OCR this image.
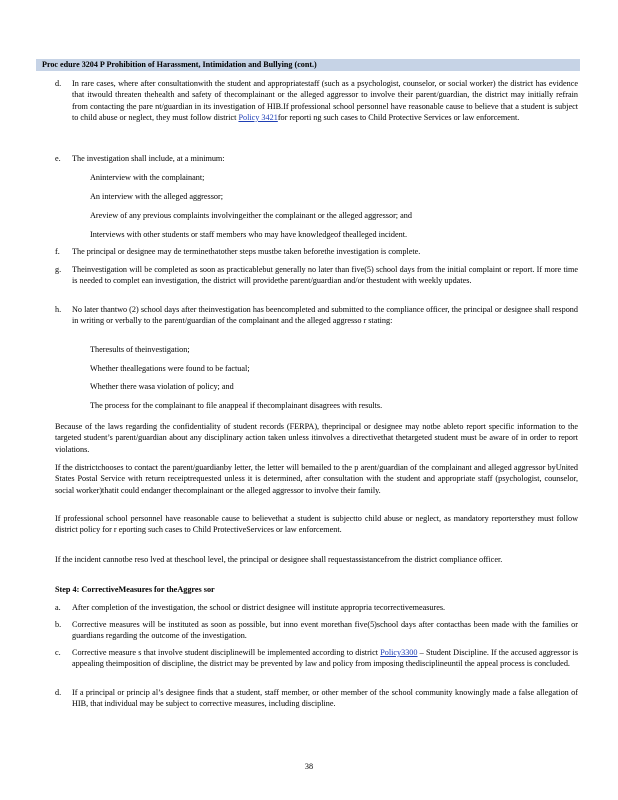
Proc edure 3204 P Prohibition of Harassment, Intimidation and Bullying (cont.)
d. In rare cases, where after consultationwith the student and appropriatestaff (such as a psychologist, counselor, or social worker) the district has evidence that itwould threaten thehealth and safety of thecomplainant or the alleged aggressor to involve their parent/guardian, the district may initially refrain from contacting the pare nt/guardian in its investigation of HIB.If professional school personnel have reasonable cause to believe that a student is subject to child abuse or neglect, they must follow district Policy 3421for reporti ng such cases to Child Protective Services or law enforcement.
e. The investigation shall include, at a minimum:
Aninterview with the complainant;
An interview with the alleged aggressor;
Areview of any previous complaints involvingeither the complainant or the alleged aggressor; and
Interviews with other students or staff members who may have knowledgeof thealleged incident.
f. The principal or designee may de terminethatother steps mustbe taken beforethe investigation is complete.
g. Theinvestigation will be completed as soon as practicablebut generally no later than five(5) school days from the initial complaint or report. If more time is needed to complet ean investigation, the district will providethe parent/guardian and/or thestudent with weekly updates.
h. No later thantwo (2) school days after theinvestigation has beencompleted and submitted to the compliance officer, the principal or designee shall respond in writing or verbally to the parent/guardian of the complainant and the alleged aggresso r stating:
Theresults of theinvestigation;
Whether theallegations were found to be factual;
Whether there wasa violation of policy; and
The process for the complainant to file anappeal if thecomplainant disagrees with results.
Because of the laws regarding the confidentiality of student records (FERPA), theprincipal or designee may notbe ableto report specific information to the targeted student’s parent/guardian about any disciplinary action taken unless itinvolves a directivethat thetargeted student must be aware of in order to report violations.
If the districtchooses to contact the parent/guardianby letter, the letter will bemailed to the p arent/guardian of the complainant and alleged aggressor byUnited States Postal Service with return receiptrequested unless it is determined, after consultation with the student and appropriate staff (psychologist, counselor, social worker)thatit could endanger thecomplainant or the alleged aggressor to involve their family.
If professional school personnel have reasonable cause to believethat a student is subjectto child abuse or neglect, as mandatory reportersthey must follow district policy for r eporting such cases to Child ProtectiveServices or law enforcement.
If the incident cannotbe reso lved at theschool level, the principal or designee shall requestassistancefrom the district compliance officer.
Step 4: CorrectiveMeasures for theAggres sor
a. After completion of the investigation, the school or district designee will institute appropria tecorrectivemeasures.
b. Corrective measures will be instituted as soon as possible, but inno event morethan five(5)school days after contacthas been made with the families or guardians regarding the outcome of the investigation.
c. Corrective measure s that involve student disciplinewill be implemented according to district Policy3300 – Student Discipline. If the accused aggressor is appealing theimposition of discipline, the district may be prevented by law and policy from imposing thedisciplineuntil the appeal process is concluded.
d. If a principal or princip al’s designee finds that a student, staff member, or other member of the school community knowingly made a false allegation of HIB, that individual may be subject to corrective measures, including discipline.
38
